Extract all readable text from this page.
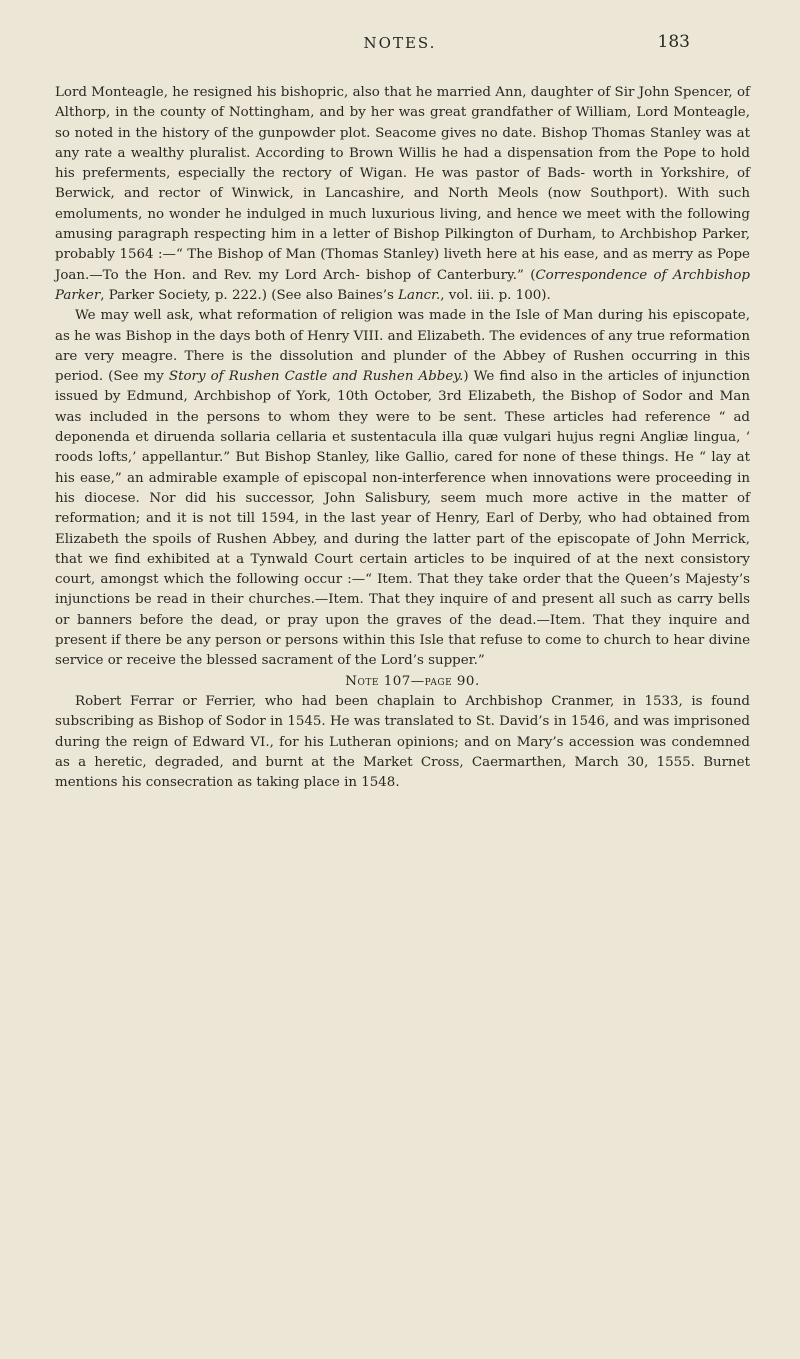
NOTES.	183

Lord Monteagle, he resigned his bishopric, also that he married Ann, daughter of Sir John Spencer, of Althorp, in the county of Nottingham, and by her was great grandfather of William, Lord Monteagle, so noted in the history of the gunpowder plot. Seacome gives no date. Bishop Thomas Stanley was at any rate a wealthy pluralist. According to Brown Willis he had a dispensation from the Pope to hold his preferments, especially the rectory of Wigan. He was pastor of Bads- worth in Yorkshire, of Berwick, and rector of Winwick, in Lancashire, and North Meols (now Southport). With such emoluments, no wonder he indulged in much luxurious living, and hence we meet with the following amusing paragraph respecting him in a letter of Bishop Pilkington of Durham, to Archbishop Parker, probably 1564 :—“ The Bishop of Man (Thomas Stanley) liveth here at his ease, and as merry as Pope Joan.—To the Hon. and Rev. my Lord Arch- bishop of Canterbury.” (Correspondence of Archbishop Parker, Parker Society, p. 222.) (See also Baines’s Lancr., vol. iii. p. 100).

We may well ask, what reformation of religion was made in the Isle of Man during his episcopate, as he was Bishop in the days both of Henry VIII. and Elizabeth. The evidences of any true reformation are very meagre. There is the dissolution and plunder of the Abbey of Rushen occurring in this period. (See my Story of Rushen Castle and Rushen Abbey.) We find also in the articles of injunction issued by Edmund, Archbishop of York, 10th October, 3rd Elizabeth, the Bishop of Sodor and Man was included in the persons to whom they were to be sent. These articles had reference “ ad deponenda et diruenda sollaria cellaria et sustentacula illa quæ vulgari hujus regni Angliæ lingua, ‘ roods lofts,’ appellantur.” But Bishop Stanley, like Gallio, cared for none of these things. He “ lay at his ease,” an admirable example of episcopal non-interference when innovations were proceeding in his diocese. Nor did his successor, John Salisbury, seem much more active in the matter of reformation; and it is not till 1594, in the last year of Henry, Earl of Derby, who had obtained from Elizabeth the spoils of Rushen Abbey, and during the latter part of the episcopate of John Merrick, that we find exhibited at a Tynwald Court certain articles to be inquired of at the next consistory court, amongst which the following occur :—“ Item. That they take order that the Queen’s Majesty’s injunctions be read in their churches.—Item. That they inquire of and present all such as carry bells or banners before the dead, or pray upon the graves of the dead.—Item. That they inquire and present if there be any person or persons within this Isle that refuse to come to church to hear divine service or receive the blessed sacrament of the Lord’s supper.”

Note 107—page 90.

Robert Ferrar or Ferrier, who had been chaplain to Archbishop Cranmer, in 1533, is found subscribing as Bishop of Sodor in 1545. He was translated to St. David’s in 1546, and was imprisoned during the reign of Edward VI., for his Lutheran opinions; and on Mary’s accession was condemned as a heretic, degraded, and burnt at the Market Cross, Caermarthen, March 30, 1555. Burnet mentions his consecration as taking place in 1548.
